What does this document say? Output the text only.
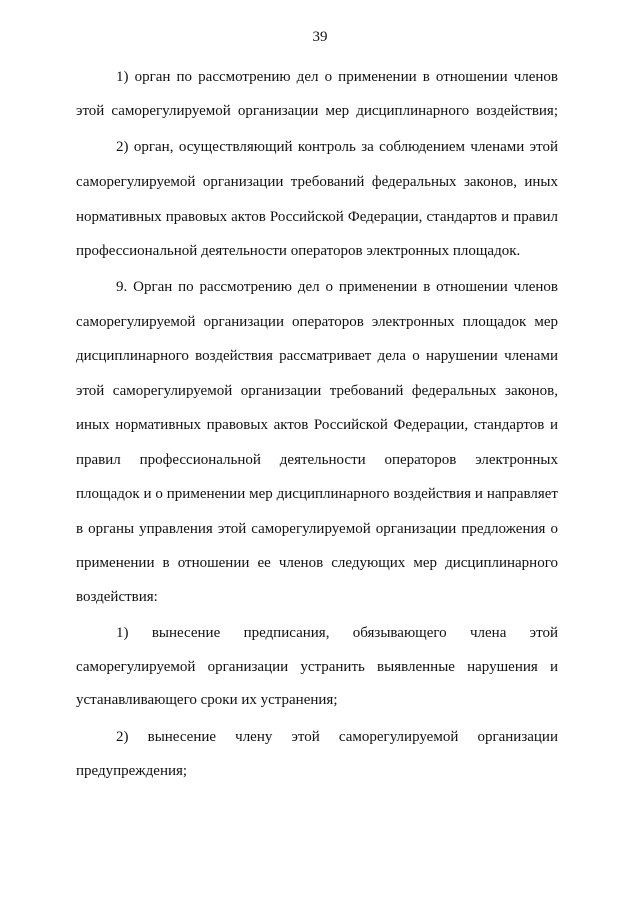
39
1) орган по рассмотрению дел о применении в отношении членов
этой саморегулируемой организации мер дисциплинарного воздействия;
2) орган, осуществляющий контроль за соблюдением членами этой
саморегулируемой организации требований федеральных законов, иных
нормативных правовых актов Российской Федерации, стандартов и правил
профессиональной деятельности операторов электронных площадок.
9. Орган по рассмотрению дел о применении в отношении членов
саморегулируемой организации операторов электронных площадок мер
дисциплинарного воздействия рассматривает дела о нарушении членами
этой саморегулируемой организации требований федеральных законов,
иных нормативных правовых актов Российской Федерации, стандартов и
правил профессиональной деятельности операторов электронных
площадок и о применении мер дисциплинарного воздействия и направляет
в органы управления этой саморегулируемой организации предложения о
применении в отношении ее членов следующих мер дисциплинарного
воздействия:
1) вынесение предписания, обязывающего члена этой
саморегулируемой организации устранить выявленные нарушения и
устанавливающего сроки их устранения;
2) вынесение члену этой саморегулируемой организации
предупреждения;
